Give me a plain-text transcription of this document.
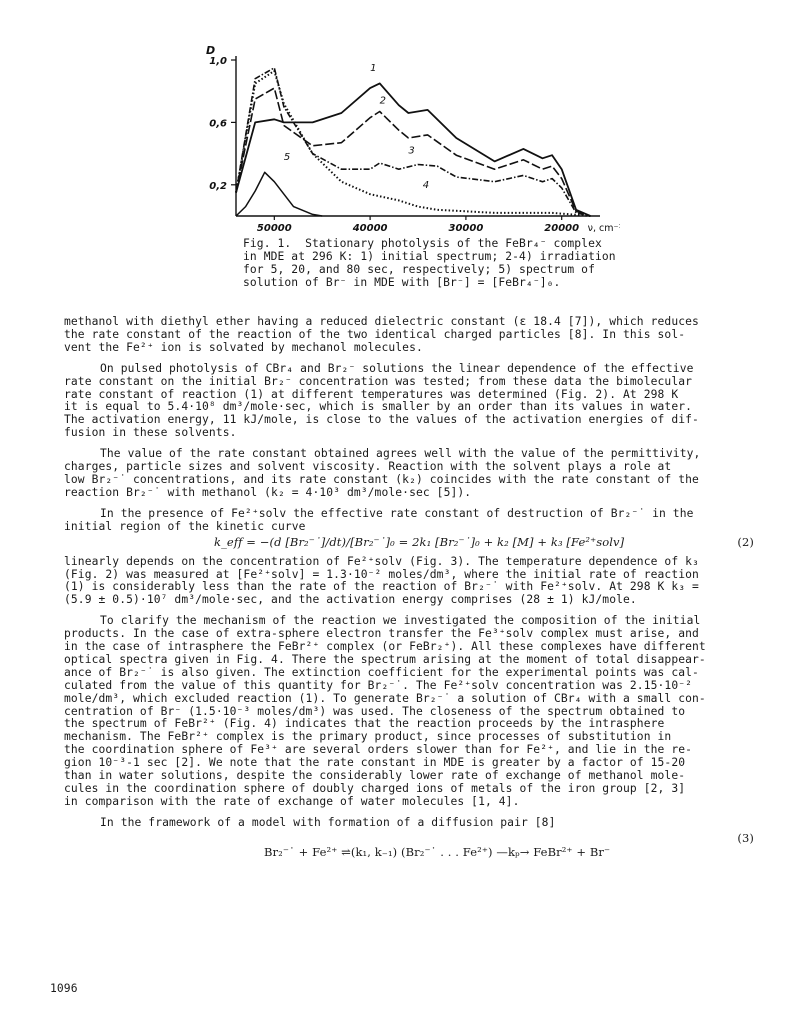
1,0
0,6
0,2
D
50000	40000	30000	20000 ν, cm⁻¹
1
2
3
4
5
Fig. 1.  Stationary photolysis of the FeBr₄⁻ complex
in MDE at 296 K: 1) initial spectrum; 2-4) irradiation
for 5, 20, and 80 sec, respectively; 5) spectrum of
solution of Br⁻ in MDE with [Br⁻] = [FeBr₄⁻]₀.

methanol with diethyl ether having a reduced dielectric constant (ε 18.4 [7]), which reduces

the rate constant of the reaction of the two identical charged particles [8]. In this sol-

vent the Fe²⁺ ion is solvated by mechanol molecules.

On pulsed photolysis of CBr₄ and Br₂⁻ solutions the linear dependence of the effective

rate constant on the initial Br₂⁻ concentration was tested; from these data the bimolecular

rate constant of reaction (1) at different temperatures was determined (Fig. 2). At 298 K

it is equal to 5.4·10⁸ dm³/mole·sec, which is smaller by an order than its values in water.

The activation energy, 11 kJ/mole, is close to the values of the activation energies of dif-

fusion in these solvents.

The value of the rate constant obtained agrees well with the value of the permittivity,

charges, particle sizes and solvent viscosity. Reaction with the solvent plays a role at

low Br₂⁻˙ concentrations, and its rate constant (k₂) coincides with the rate constant of the

reaction Br₂⁻˙ with methanol (k₂ = 4·10³ dm³/mole·sec [5]).

In the presence of Fe²⁺solv the effective rate constant of destruction of Br₂⁻˙ in the

initial region of the kinetic curve

k_eff = −(d [Br₂⁻˙]/dt)/[Br₂⁻˙]₀ = 2k₁ [Br₂⁻˙]₀ + k₂ [M] + k₃ [Fe²⁺solv]	(2)

linearly depends on the concentration of Fe²⁺solv (Fig. 3). The temperature dependence of k₃

(Fig. 2) was measured at [Fe²⁺solv] = 1.3·10⁻² moles/dm³, where the initial rate of reaction

(1) is considerably less than the rate of the reaction of Br₂⁻˙ with Fe²⁺solv. At 298 K k₃ =

(5.9 ± 0.5)·10⁷ dm³/mole·sec, and the activation energy comprises (28 ± 1) kJ/mole.

To clarify the mechanism of the reaction we investigated the composition of the initial

products. In the case of extra-sphere electron transfer the Fe³⁺solv complex must arise, and

in the case of intrasphere the FeBr²⁺ complex (or FeBr₂⁺). All these complexes have different

optical spectra given in Fig. 4. There the spectrum arising at the moment of total disappear-

ance of Br₂⁻˙ is also given. The extinction coefficient for the experimental points was cal-

culated from the value of this quantity for Br₂⁻˙. The Fe²⁺solv concentration was 2.15·10⁻²

mole/dm³, which excluded reaction (1). To generate Br₂⁻˙ a solution of CBr₄ with a small con-

centration of Br⁻ (1.5·10⁻³ moles/dm³) was used. The closeness of the spectrum obtained to

the spectrum of FeBr²⁺ (Fig. 4) indicates that the reaction proceeds by the intrasphere

mechanism. The FeBr²⁺ complex is the primary product, since processes of substitution in

the coordination sphere of Fe³⁺ are several orders slower than for Fe²⁺, and lie in the re-

gion 10⁻³-1 sec [2]. We note that the rate constant in MDE is greater by a factor of 15-20

than in water solutions, despite the considerably lower rate of exchange of methanol mole-

cules in the coordination sphere of doubly charged ions of metals of the iron group [2, 3]

in comparison with the rate of exchange of water molecules [1, 4].

In the framework of a model with formation of a diffusion pair [8]

Br₂⁻˙ + Fe²⁺ ⇌(k₁, k₋₁) (Br₂⁻˙ . . . Fe²⁺) —kₚ→ FeBr²⁺ + Br⁻
(3)
1096
